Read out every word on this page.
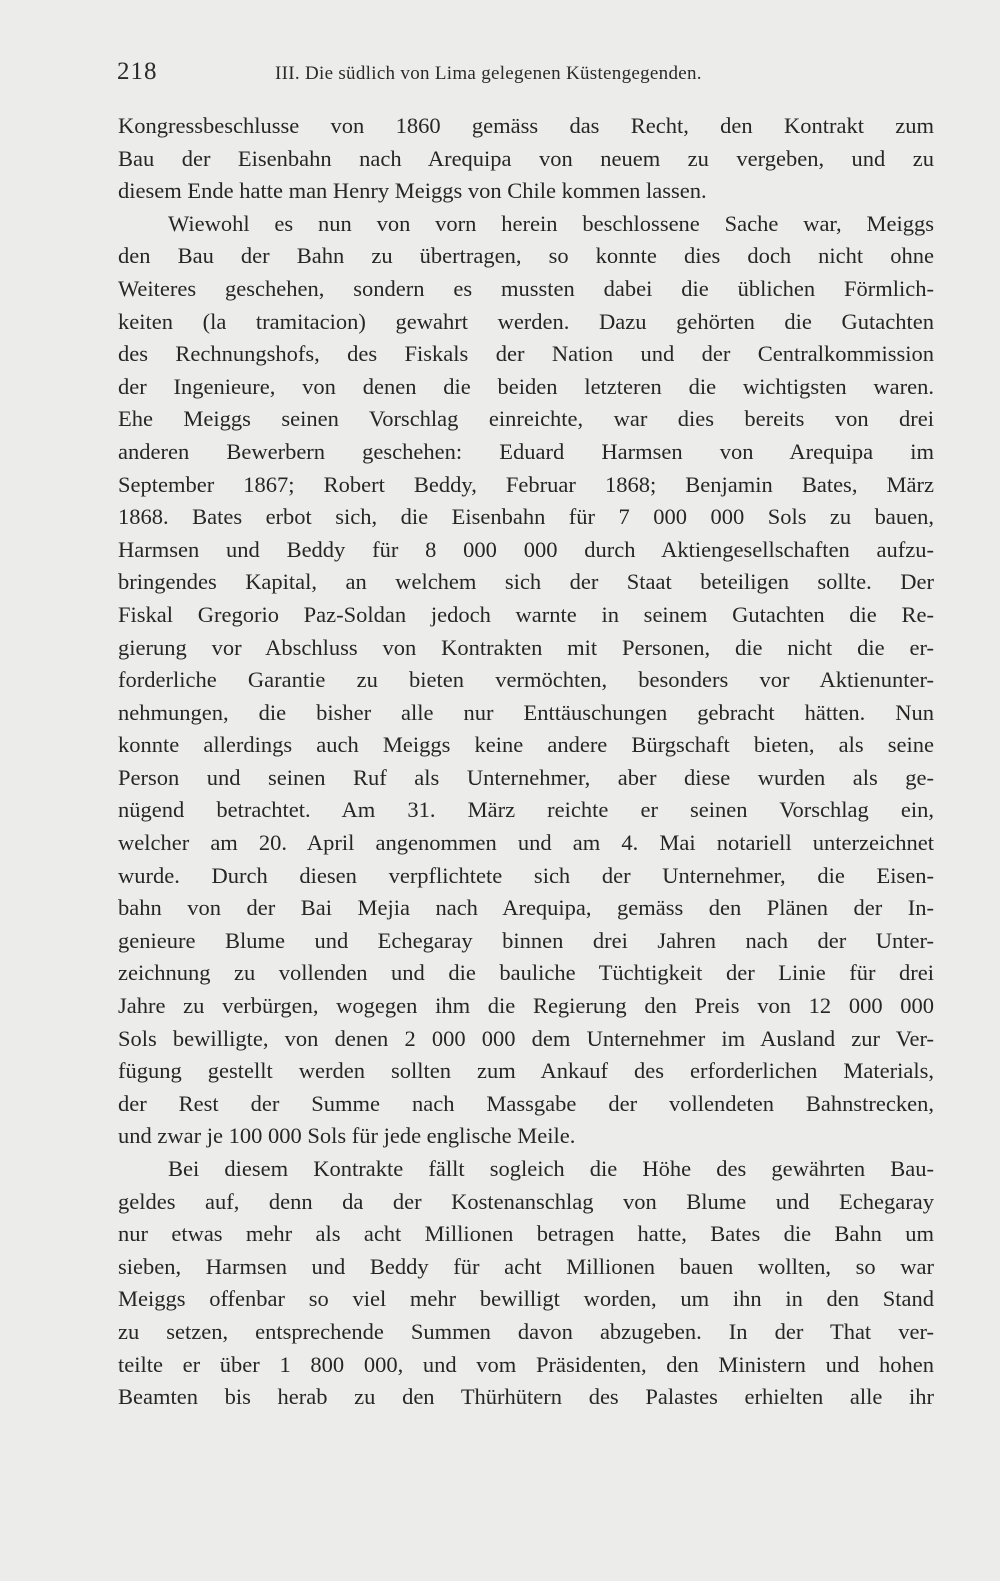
218	III. Die südlich von Lima gelegenen Küstengegenden.
Kongressbeschlusse von 1860 gemäss das Recht, den Kontrakt zum
Bau der Eisenbahn nach Arequipa von neuem zu vergeben, und zu
diesem Ende hatte man Henry Meiggs von Chile kommen lassen.
Wiewohl es nun von vorn herein beschlossene Sache war, Meiggs
den Bau der Bahn zu übertragen, so konnte dies doch nicht ohne
Weiteres geschehen, sondern es mussten dabei die üblichen Förmlich-
keiten (la tramitacion) gewahrt werden. Dazu gehörten die Gutachten
des Rechnungshofs, des Fiskals der Nation und der Centralkommission
der Ingenieure, von denen die beiden letzteren die wichtigsten waren.
Ehe Meiggs seinen Vorschlag einreichte, war dies bereits von drei
anderen Bewerbern geschehen: Eduard Harmsen von Arequipa im
September 1867; Robert Beddy, Februar 1868; Benjamin Bates, März
1868. Bates erbot sich, die Eisenbahn für 7 000 000 Sols zu bauen,
Harmsen und Beddy für 8 000 000 durch Aktiengesellschaften aufzu-
bringendes Kapital, an welchem sich der Staat beteiligen sollte. Der
Fiskal Gregorio Paz-Soldan jedoch warnte in seinem Gutachten die Re-
gierung vor Abschluss von Kontrakten mit Personen, die nicht die er-
forderliche Garantie zu bieten vermöchten, besonders vor Aktienunter-
nehmungen, die bisher alle nur Enttäuschungen gebracht hätten. Nun
konnte allerdings auch Meiggs keine andere Bürgschaft bieten, als seine
Person und seinen Ruf als Unternehmer, aber diese wurden als ge-
nügend betrachtet. Am 31. März reichte er seinen Vorschlag ein,
welcher am 20. April angenommen und am 4. Mai notariell unterzeichnet
wurde. Durch diesen verpflichtete sich der Unternehmer, die Eisen-
bahn von der Bai Mejia nach Arequipa, gemäss den Plänen der In-
genieure Blume und Echegaray binnen drei Jahren nach der Unter-
zeichnung zu vollenden und die bauliche Tüchtigkeit der Linie für drei
Jahre zu verbürgen, wogegen ihm die Regierung den Preis von 12 000 000
Sols bewilligte, von denen 2 000 000 dem Unternehmer im Ausland zur Ver-
fügung gestellt werden sollten zum Ankauf des erforderlichen Materials,
der Rest der Summe nach Massgabe der vollendeten Bahnstrecken,
und zwar je 100 000 Sols für jede englische Meile.
Bei diesem Kontrakte fällt sogleich die Höhe des gewährten Bau-
geldes auf, denn da der Kostenanschlag von Blume und Echegaray
nur etwas mehr als acht Millionen betragen hatte, Bates die Bahn um
sieben, Harmsen und Beddy für acht Millionen bauen wollten, so war
Meiggs offenbar so viel mehr bewilligt worden, um ihn in den Stand
zu setzen, entsprechende Summen davon abzugeben. In der That ver-
teilte er über 1 800 000, und vom Präsidenten, den Ministern und hohen
Beamten bis herab zu den Thürhütern des Palastes erhielten alle ihr
